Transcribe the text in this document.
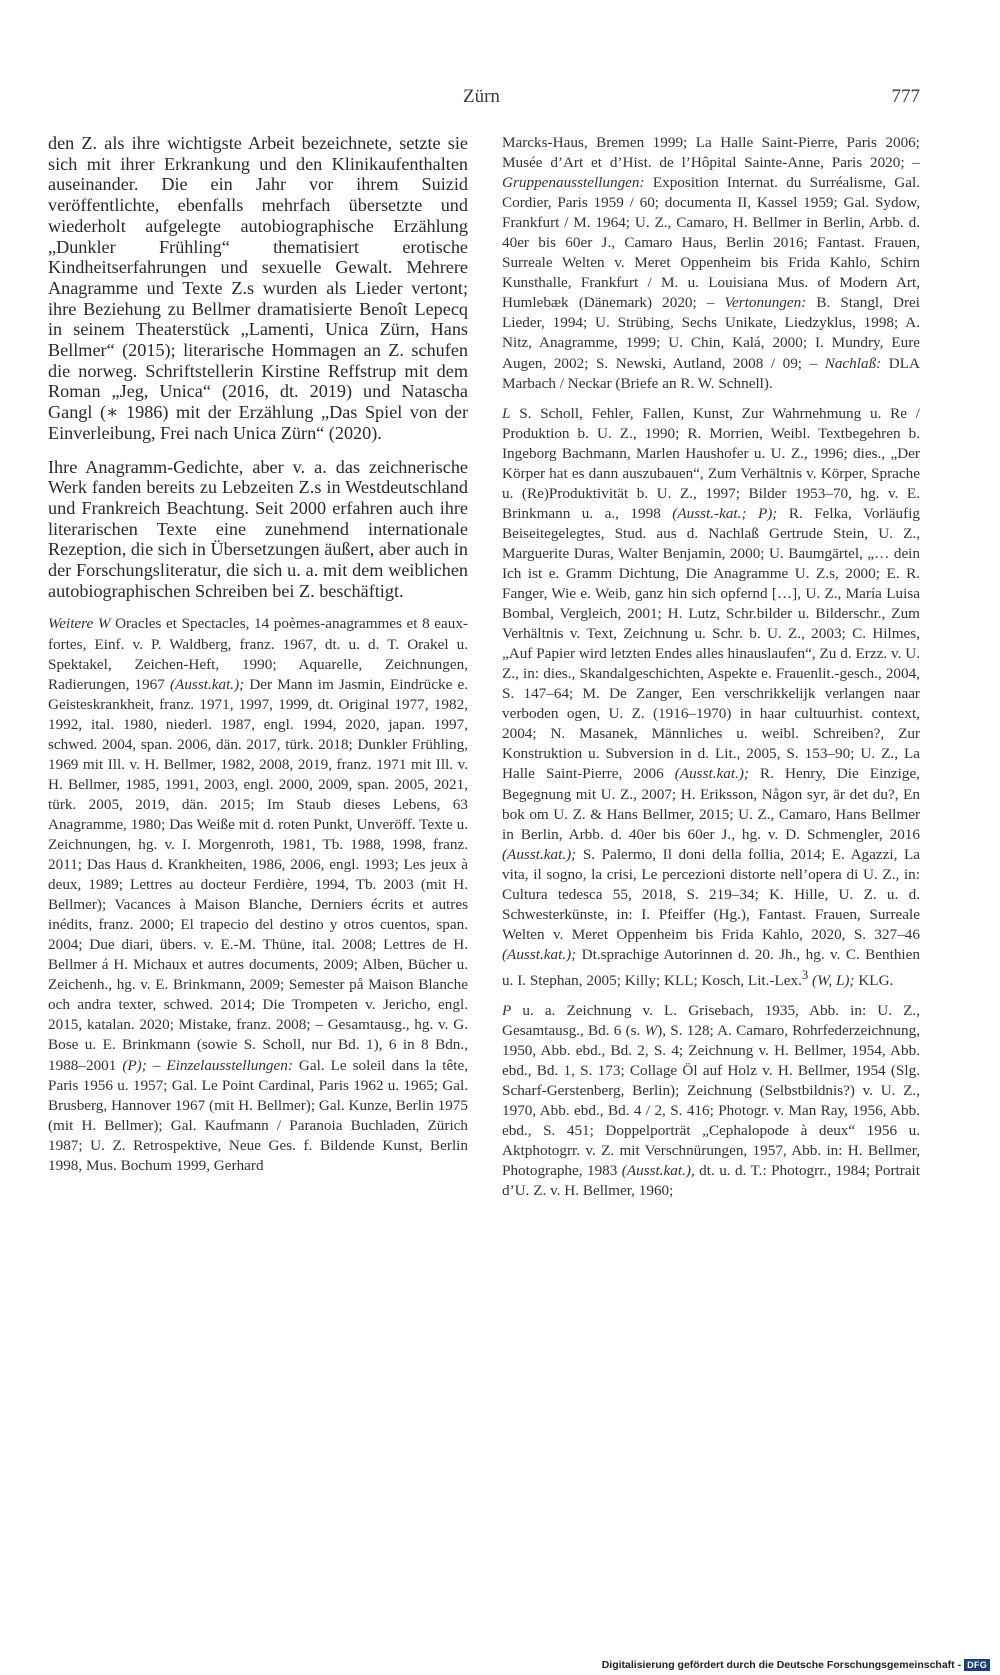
Zürn	777

den Z. als ihre wichtigste Arbeit bezeichnete, setzte sie sich mit ihrer Erkrankung und den Klinikaufenthalten auseinander. Die ein Jahr vor ihrem Suizid veröffentlichte, ebenfalls mehrfach übersetzte und wiederholt aufgelegte autobiographische Erzählung „Dunkler Frühling“ thematisiert erotische Kindheitserfahrungen und sexuelle Gewalt. Mehrere Anagramme und Texte Z.s wurden als Lieder vertont; ihre Beziehung zu Bellmer dramatisierte Benoît Lepecq in seinem Theaterstück „Lamenti, Unica Zürn, Hans Bellmer“ (2015); literarische Hommagen an Z. schufen die norweg. Schriftstellerin Kirstine Reffstrup mit dem Roman „Jeg, Unica“ (2016, dt. 2019) und Natascha Gangl (∗ 1986) mit der Erzählung „Das Spiel von der Einverleibung, Frei nach Unica Zürn“ (2020).

Ihre Anagramm-Gedichte, aber v. a. das zeichnerische Werk fanden bereits zu Lebzeiten Z.s in Westdeutschland und Frankreich Beachtung. Seit 2000 erfahren auch ihre literarischen Texte eine zunehmend internationale Rezeption, die sich in Übersetzungen äußert, aber auch in der Forschungsliteratur, die sich u. a. mit dem weiblichen autobiographischen Schreiben bei Z. beschäftigt.

Weitere W Oracles et Spectacles, 14 poèmes-anagrammes et 8 eaux-fortes, Einf. v. P. Waldberg, franz. 1967, dt. u. d. T. Orakel u. Spektakel, Zeichen-Heft, 1990; Aquarelle, Zeichnungen, Radierungen, 1967 (Ausst.kat.); Der Mann im Jasmin, Eindrücke e. Geisteskrankheit, franz. 1971, 1997, 1999, dt. Original 1977, 1982, 1992, ital. 1980, niederl. 1987, engl. 1994, 2020, japan. 1997, schwed. 2004, span. 2006, dän. 2017, türk. 2018; Dunkler Frühling, 1969 mit Ill. v. H. Bellmer, 1982, 2008, 2019, franz. 1971 mit Ill. v. H. Bellmer, 1985, 1991, 2003, engl. 2000, 2009, span. 2005, 2021, türk. 2005, 2019, dän. 2015; Im Staub dieses Lebens, 63 Anagramme, 1980; Das Weiße mit d. roten Punkt, Unveröff. Texte u. Zeichnungen, hg. v. I. Morgenroth, 1981, Tb. 1988, 1998, franz. 2011; Das Haus d. Krankheiten, 1986, 2006, engl. 1993; Les jeux à deux, 1989; Lettres au docteur Ferdière, 1994, Tb. 2003 (mit H. Bellmer); Vacances à Maison Blanche, Derniers écrits et autres inédits, franz. 2000; El trapecio del destino y otros cuentos, span. 2004; Due diari, übers. v. E.-M. Thüne, ital. 2008; Lettres de H. Bellmer á H. Michaux et autres documents, 2009; Alben, Bücher u. Zeichenh., hg. v. E. Brinkmann, 2009; Semester på Maison Blanche och andra texter, schwed. 2014; Die Trompeten v. Jericho, engl. 2015, katalan. 2020; Mistake, franz. 2008; – Gesamtausg., hg. v. G. Bose u. E. Brinkmann (sowie S. Scholl, nur Bd. 1), 6 in 8 Bdn., 1988–2001 (P); – Einzelausstellungen: Gal. Le soleil dans la tête, Paris 1956 u. 1957; Gal. Le Point Cardinal, Paris 1962 u. 1965; Gal. Brusberg, Hannover 1967 (mit H. Bellmer); Gal. Kunze, Berlin 1975 (mit H. Bellmer); Gal. Kaufmann / Paranoia Buchladen, Zürich 1987; U. Z. Retrospektive, Neue Ges. f. Bildende Kunst, Berlin 1998, Mus. Bochum 1999, Gerhard

Marcks-Haus, Bremen 1999; La Halle Saint-Pierre, Paris 2006; Musée d’Art et d’Hist. de l’Hôpital Sainte-Anne, Paris 2020; – Gruppenausstellungen: Exposition Internat. du Surréalisme, Gal. Cordier, Paris 1959 / 60; documenta II, Kassel 1959; Gal. Sydow, Frankfurt / M. 1964; U. Z., Camaro, H. Bellmer in Berlin, Arbb. d. 40er bis 60er J., Camaro Haus, Berlin 2016; Fantast. Frauen, Surreale Welten v. Meret Oppenheim bis Frida Kahlo, Schirn Kunsthalle, Frankfurt / M. u. Louisiana Mus. of Modern Art, Humlebæk (Dänemark) 2020; – Vertonungen: B. Stangl, Drei Lieder, 1994; U. Strübing, Sechs Unikate, Liedzyklus, 1998; A. Nitz, Anagramme, 1999; U. Chin, Kalá, 2000; I. Mundry, Eure Augen, 2002; S. Newski, Autland, 2008 / 09; – Nachlaß: DLA Marbach / Neckar (Briefe an R. W. Schnell).

L S. Scholl, Fehler, Fallen, Kunst, Zur Wahrnehmung u. Re / Produktion b. U. Z., 1990; R. Morrien, Weibl. Textbegehren b. Ingeborg Bachmann, Marlen Haushofer u. U. Z., 1996; dies., „Der Körper hat es dann auszubauen“, Zum Verhältnis v. Körper, Sprache u. (Re)Produktivität b. U. Z., 1997; Bilder 1953–70, hg. v. E. Brinkmann u. a., 1998 (Ausst.-kat.; P); R. Felka, Vorläufig Beiseitegelegtes, Stud. aus d. Nachlaß Gertrude Stein, U. Z., Marguerite Duras, Walter Benjamin, 2000; U. Baumgärtel, „… dein Ich ist e. Gramm Dichtung, Die Anagramme U. Z.s, 2000; E. R. Fanger, Wie e. Weib, ganz hin sich opfernd […], U. Z., María Luisa Bombal, Vergleich, 2001; H. Lutz, Schr.bilder u. Bilderschr., Zum Verhältnis v. Text, Zeichnung u. Schr. b. U. Z., 2003; C. Hilmes, „Auf Papier wird letzten Endes alles hinauslaufen“, Zu d. Erzz. v. U. Z., in: dies., Skandalgeschichten, Aspekte e. Frauenlit.-gesch., 2004, S. 147–64; M. De Zanger, Een verschrikkelijk verlangen naar verboden ogen, U. Z. (1916–1970) in haar cultuurhist. context, 2004; N. Masanek, Männliches u. weibl. Schreiben?, Zur Konstruktion u. Subversion in d. Lit., 2005, S. 153–90; U. Z., La Halle Saint-Pierre, 2006 (Ausst.kat.); R. Henry, Die Einzige, Begegnung mit U. Z., 2007; H. Eriksson, Någon syr, är det du?, En bok om U. Z. & Hans Bellmer, 2015; U. Z., Camaro, Hans Bellmer in Berlin, Arbb. d. 40er bis 60er J., hg. v. D. Schmengler, 2016 (Ausst.kat.); S. Palermo, Il doni della follia, 2014; E. Agazzi, La vita, il sogno, la crisi, Le percezioni distorte nell’opera di U. Z., in: Cultura tedesca 55, 2018, S. 219–34; K. Hille, U. Z. u. d. Schwesterkünste, in: I. Pfeiffer (Hg.), Fantast. Frauen, Surreale Welten v. Meret Oppenheim bis Frida Kahlo, 2020, S. 327–46 (Ausst.kat.); Dt.sprachige Autorinnen d. 20. Jh., hg. v. C. Benthien u. I. Stephan, 2005; Killy; KLL; Kosch, Lit.-Lex.$^3$ (W, L); KLG.

P u. a. Zeichnung v. L. Grisebach, 1935, Abb. in: U. Z., Gesamtausg., Bd. 6 (s. W), S. 128; A. Camaro, Rohrfederzeichnung, 1950, Abb. ebd., Bd. 2, S. 4; Zeichnung v. H. Bellmer, 1954, Abb. ebd., Bd. 1, S. 173; Collage Öl auf Holz v. H. Bellmer, 1954 (Slg. Scharf-Gerstenberg, Berlin); Zeichnung (Selbstbildnis?) v. U. Z., 1970, Abb. ebd., Bd. 4 / 2, S. 416; Photogr. v. Man Ray, 1956, Abb. ebd., S. 451; Doppelporträt „Cephalopode à deux“ 1956 u. Aktphotogrr. v. Z. mit Verschnürungen, 1957, Abb. in: H. Bellmer, Photographe, 1983 (Ausst.kat.), dt. u. d. T.: Photogrr., 1984; Portrait d’U. Z. v. H. Bellmer, 1960;

Digitalisierung gefördert durch die Deutsche Forschungsgemeinschaft - DFG
